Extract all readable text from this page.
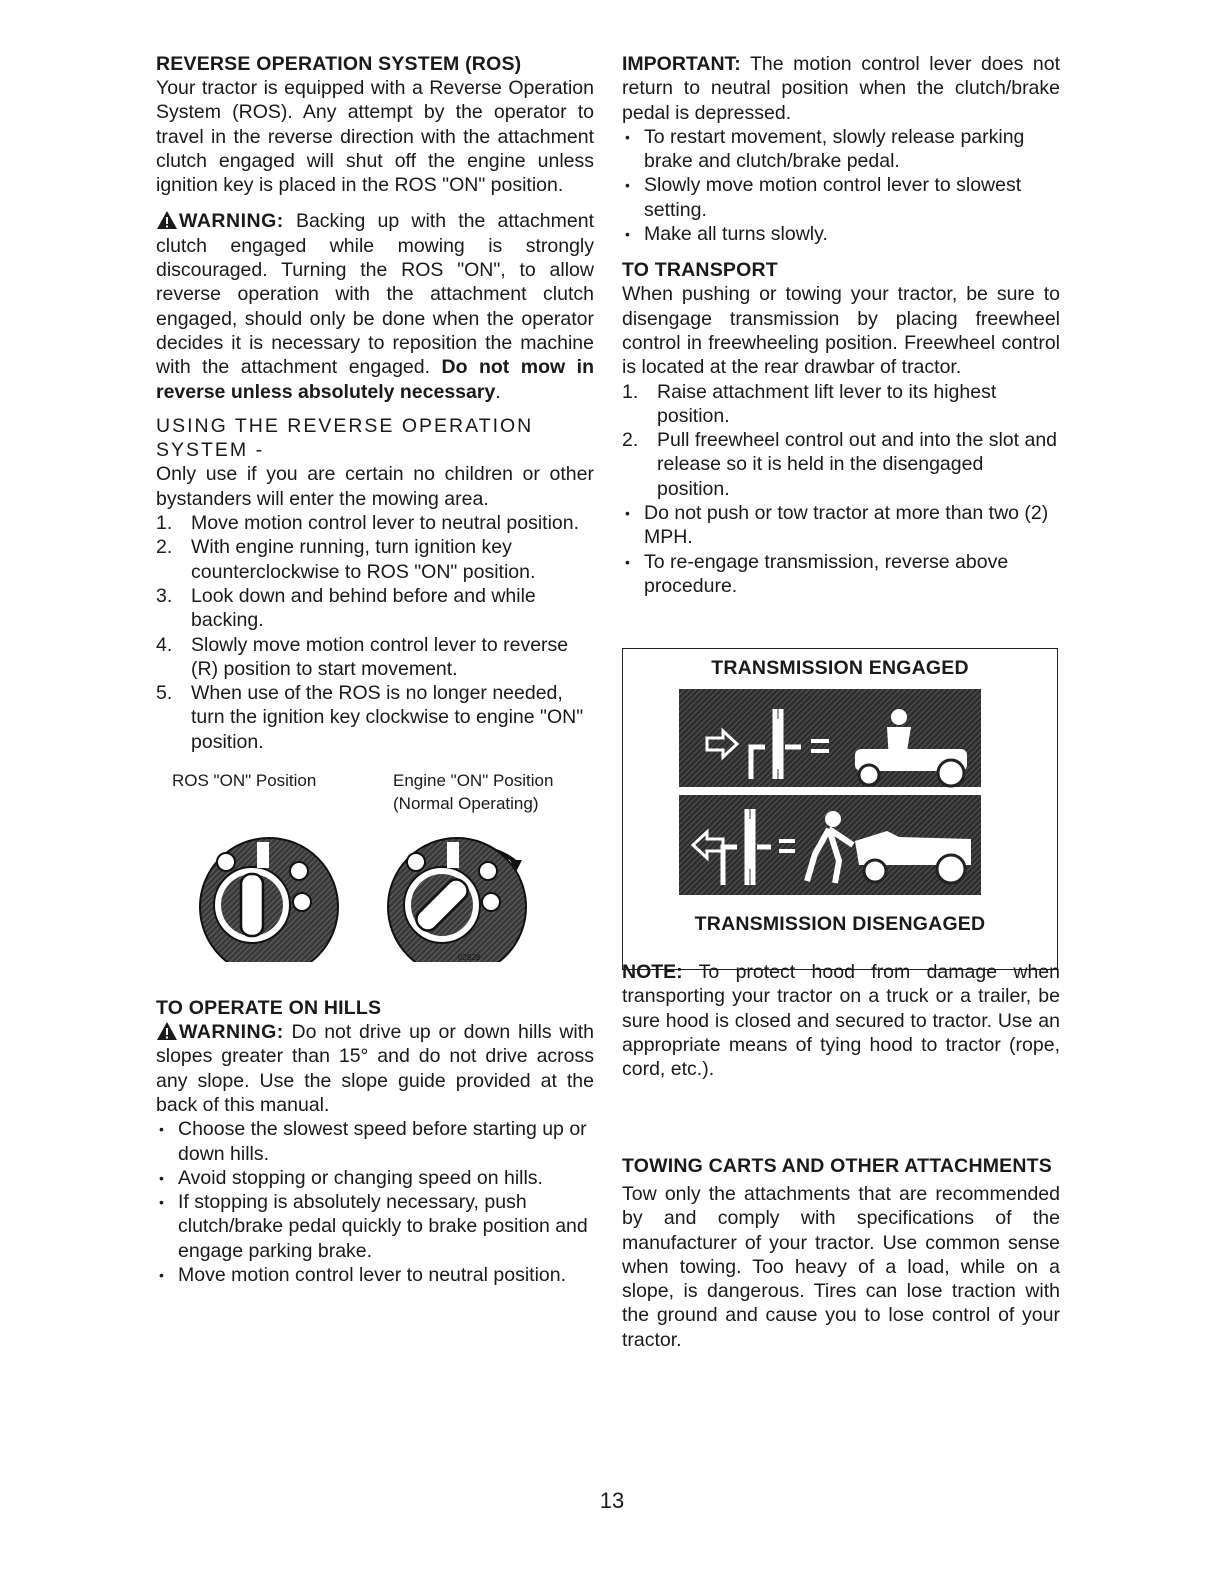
REVERSE OPERATION SYSTEM (ROS)

Your tractor is equipped with a Reverse Operation System (ROS). Any attempt by the operator to travel in the reverse direction with the attachment clutch engaged will shut off the engine unless ignition key is placed in the ROS "ON" position.

WARNING: Backing up with the attachment clutch engaged while mowing is strongly discouraged. Turning the ROS "ON", to allow reverse operation with the attachment clutch engaged, should only be done when the operator decides it is necessary to reposition the machine with the attachment engaged. Do not mow in reverse unless absolutely necessary.

USING THE REVERSE OPERATION SYSTEM -

Only use if you are certain no children or other bystanders will enter the mowing area.

1. Move motion control lever to neutral position.
2. With engine running, turn ignition key counterclockwise to ROS "ON" position.
3. Look down and behind before and while backing.
4. Slowly move motion control lever to reverse (R) position to start movement.
5. When use of the ROS is no longer needed, turn the ignition key clockwise to engine "ON" position.
ROS "ON" Position	Engine "ON" Position
(Normal Operating)
02828
TO OPERATE ON HILLS

WARNING: Do not drive up or down hills with slopes greater than 15° and do not drive across any slope. Use the slope guide provided at the back of this manual.

• Choose the slowest speed before starting up or down hills.
• Avoid stopping or changing speed on hills.
• If stopping is absolutely necessary, push clutch/brake pedal quickly to brake position and engage parking brake.
• Move motion control lever to neutral position.

IMPORTANT: The motion control lever does not return to neutral position when the clutch/brake pedal is depressed.

• To restart movement, slowly release parking brake and clutch/brake pedal.
• Slowly move motion control lever to slowest setting.
• Make all turns slowly.
TO TRANSPORT

When pushing or towing your tractor, be sure to disengage transmission by placing freewheel control in freewheeling position. Freewheel control is located at the rear drawbar of tractor.

1. Raise attachment lift lever to its highest position.
2. Pull freewheel control out and into the slot and release so it is held in the disengaged position.
• Do not push or tow tractor at more than two (2) MPH.
• To re-engage transmission, reverse above procedure.
TRANSMISSION ENGAGED
TRANSMISSION DISENGAGED

NOTE: To protect hood from damage when transporting your tractor on a truck or a trailer, be sure hood is closed and secured to tractor. Use an appropriate means of tying hood to tractor (rope, cord, etc.).

TOWING CARTS AND OTHER ATTACHMENTS

Tow only the attachments that are recommended by and comply with specifications of the manufacturer of your tractor. Use common sense when towing. Too heavy of a load, while on a slope, is dangerous. Tires can lose traction with the ground and cause you to lose control of your tractor.

13
